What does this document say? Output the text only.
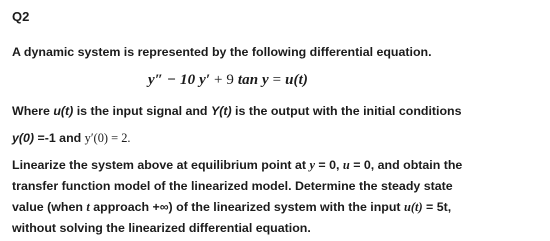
Q2
A dynamic system is represented by the following differential equation.
y″ − 10 y′ + 9 tan y = u(t)
Where u(t) is the input signal and Y(t) is the output with the initial conditions
y(0) =-1 and y′(0) = 2.
Linearize the system above at equilibrium point at y = 0, u = 0, and obtain the
transfer function model of the linearized model. Determine the steady state
value (when t approach +∞) of the linearized system with the input u(t) = 5t,
without solving the linearized differential equation.
